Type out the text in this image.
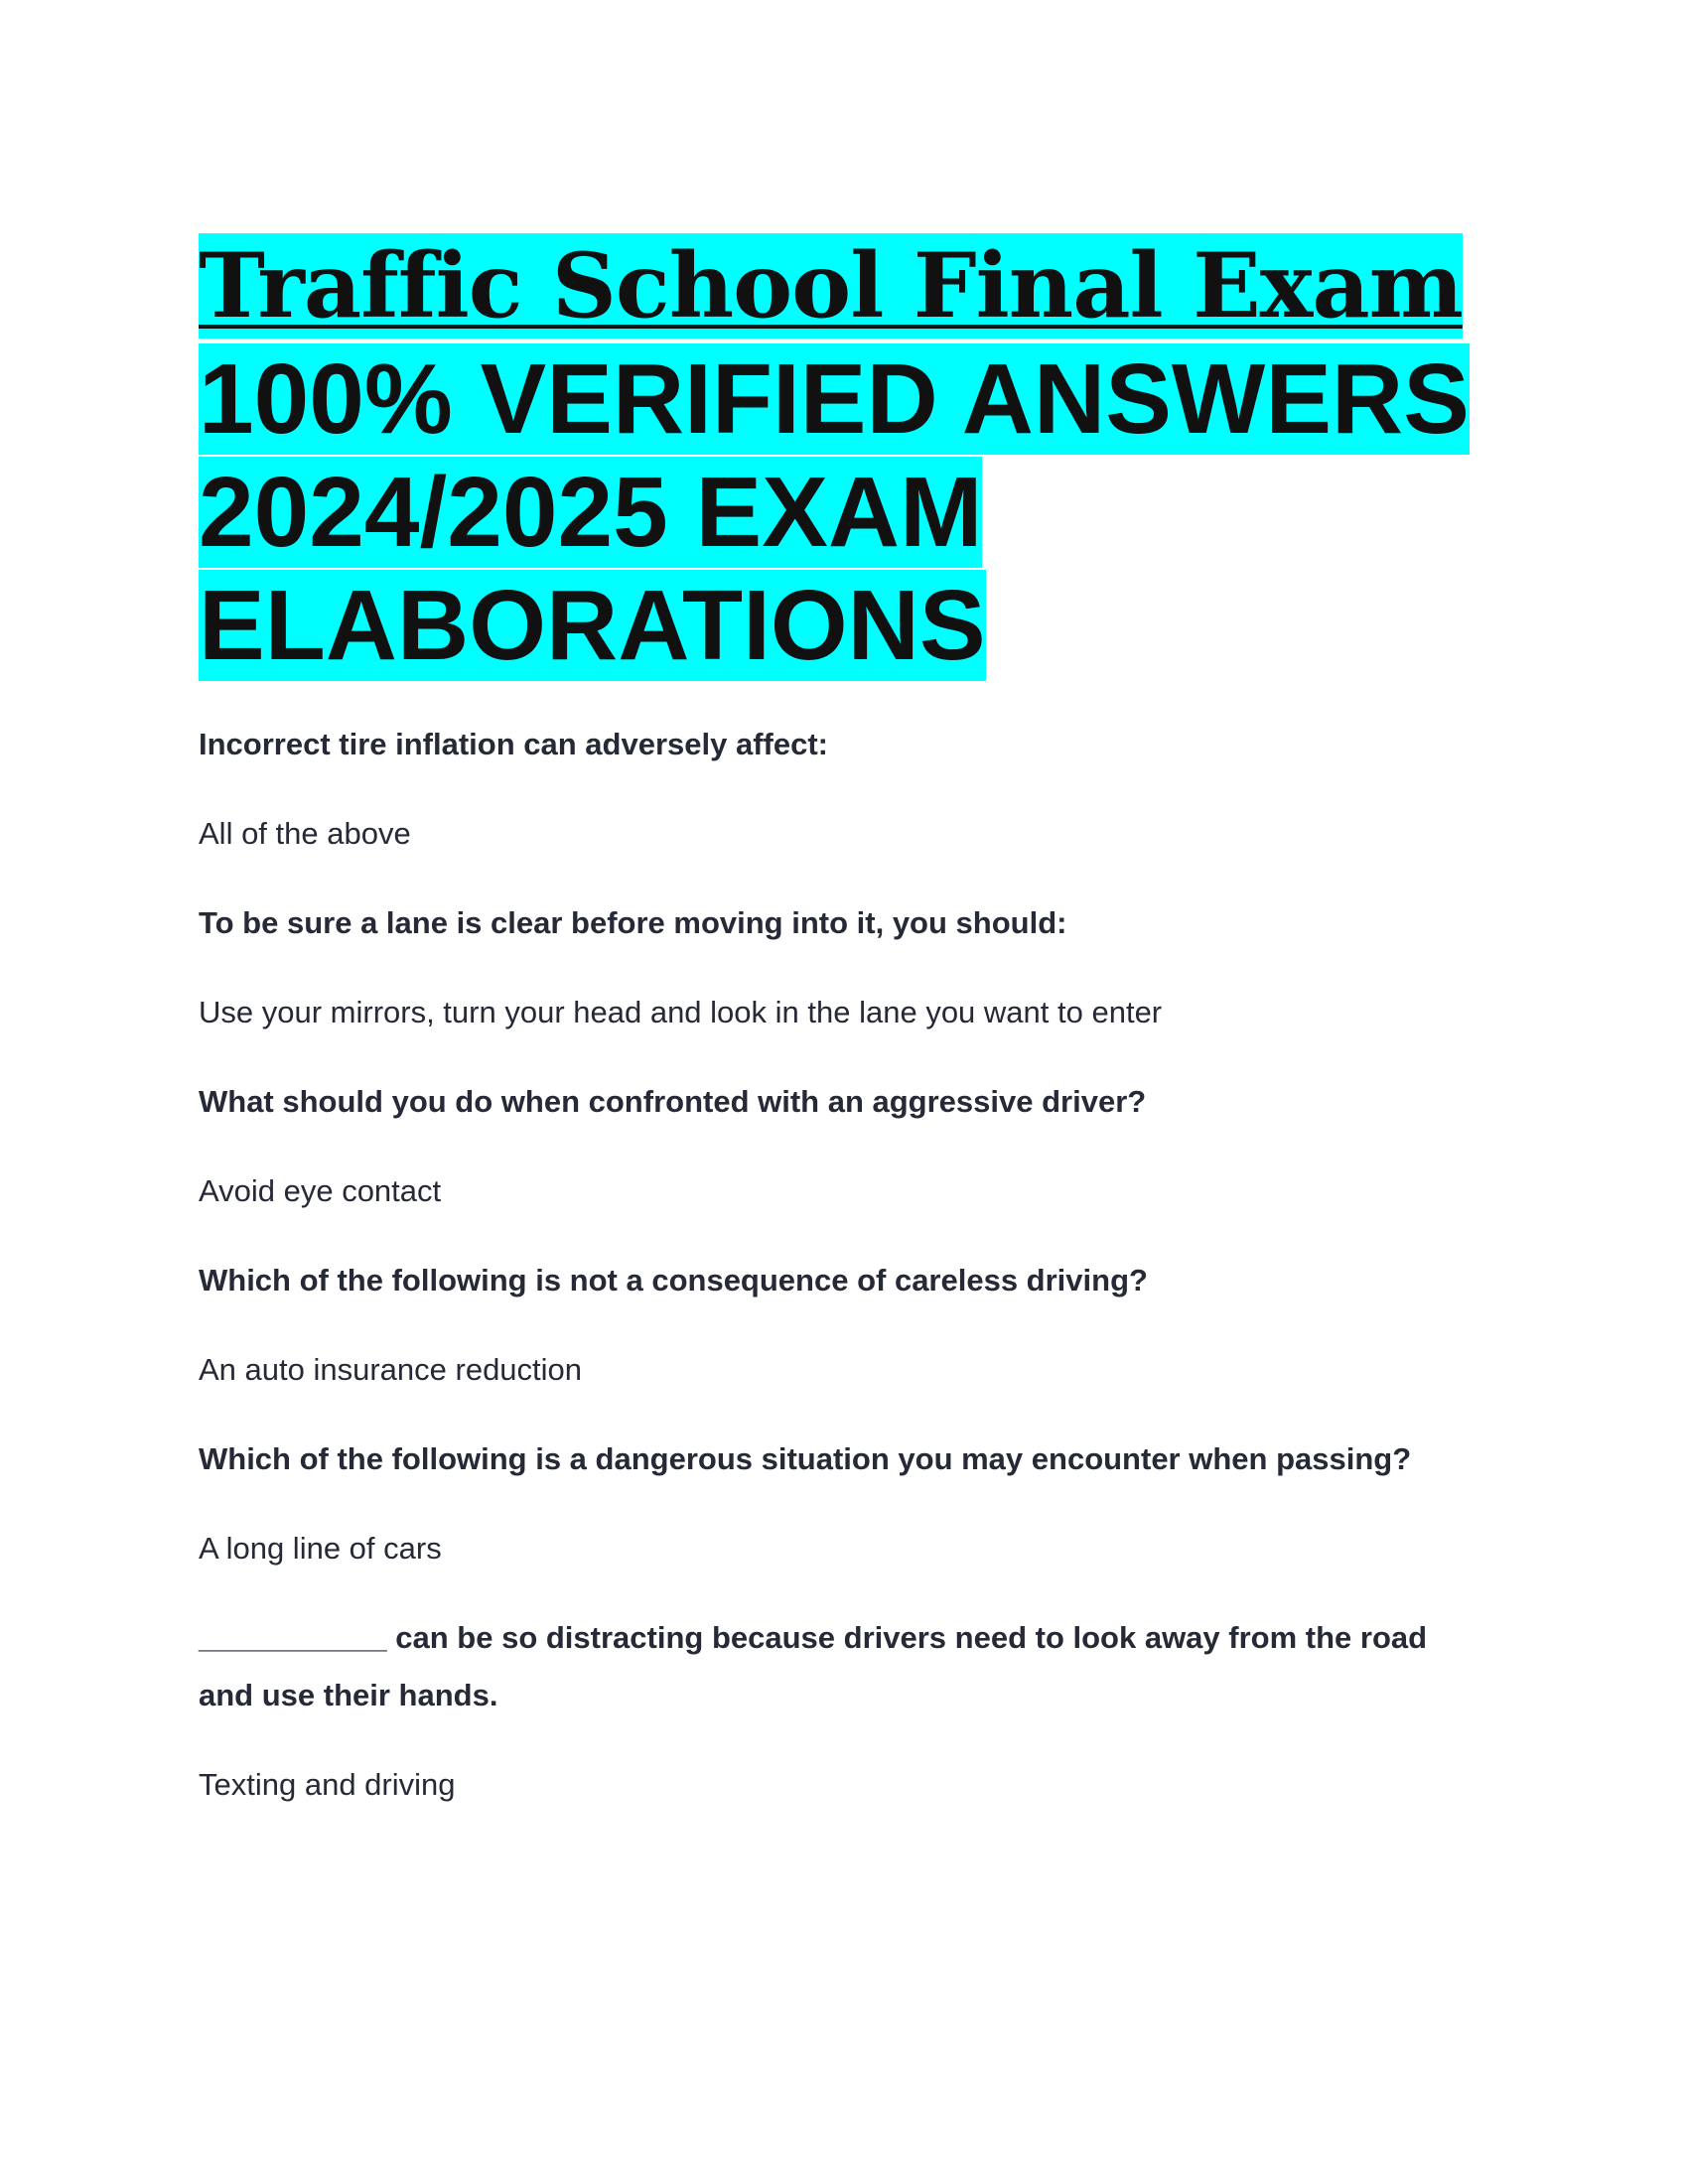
Traffic School Final Exam
100% VERIFIED ANSWERS
2024/2025 EXAM
ELABORATIONS
Incorrect tire inflation can adversely affect:
All of the above
To be sure a lane is clear before moving into it, you should:
Use your mirrors, turn your head and look in the lane you want to enter
What should you do when confronted with an aggressive driver?
Avoid eye contact
Which of the following is not a consequence of careless driving?
An auto insurance reduction
Which of the following is a dangerous situation you may encounter when passing?
A long line of cars
___________ can be so distracting because drivers need to look away from the road and use their hands.
Texting and driving
